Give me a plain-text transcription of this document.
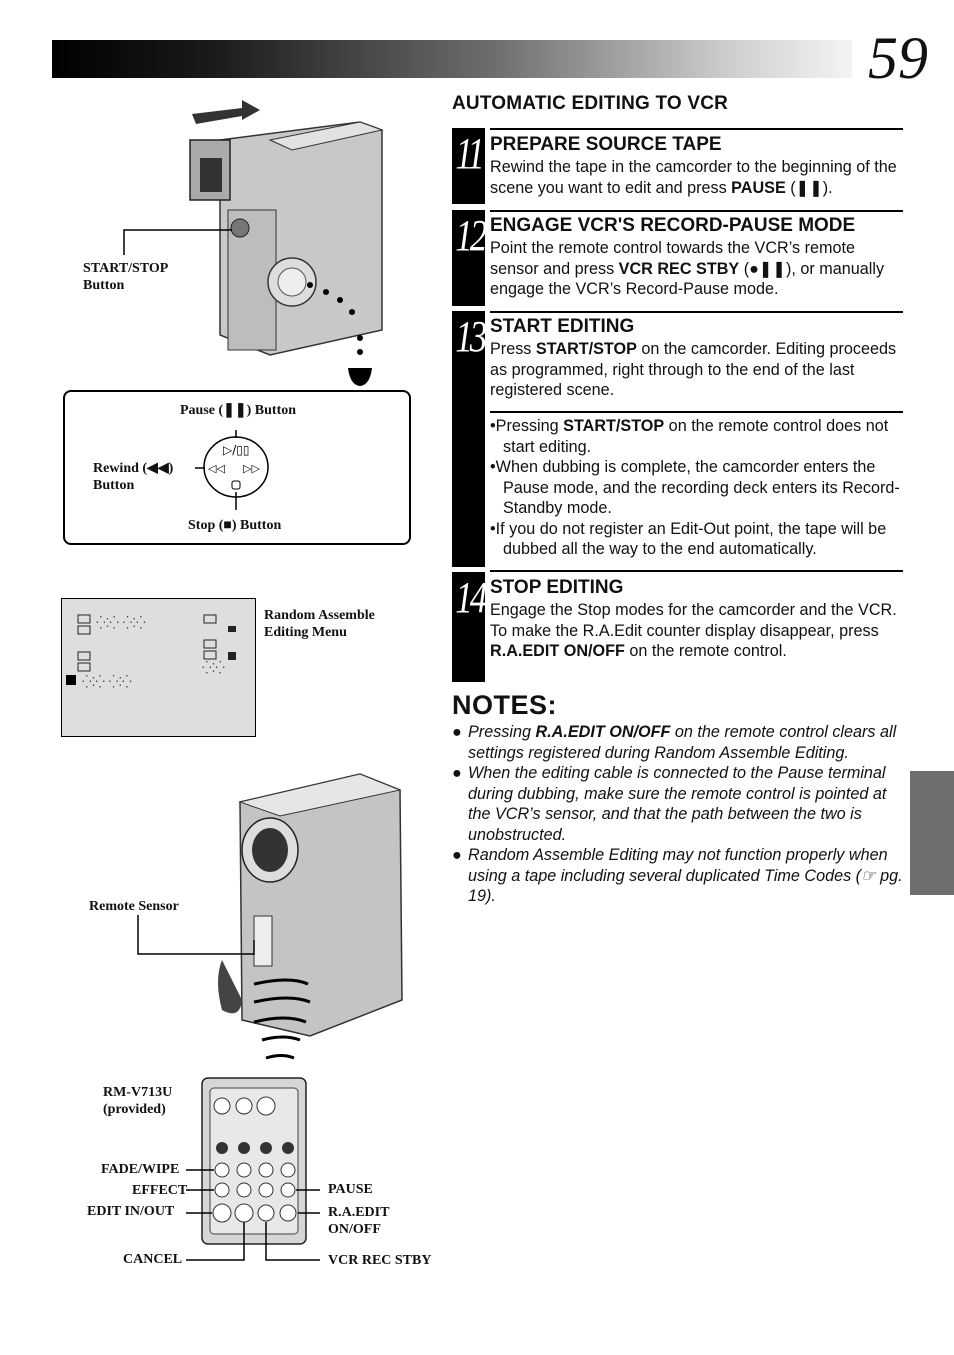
59
AUTOMATIC EDITING TO VCR
11 PREPARE SOURCE TAPE
Rewind the tape in the camcorder to the beginning of the scene you want to edit and press PAUSE (❚❚).
12 ENGAGE VCR'S RECORD-PAUSE MODE
Point the remote control towards the VCR’s remote sensor and press VCR REC STBY (●❚❚), or manually engage the VCR’s Record-Pause mode.
13 START EDITING
Press START/STOP on the camcorder. Editing proceeds as programmed, right through to the end of the last registered scene.
•Pressing START/STOP on the remote control does not start editing.
•When dubbing is complete, the camcorder enters the Pause mode, and the recording deck enters its Record-Standby mode.
•If you do not register an Edit-Out point, the tape will be dubbed all the way to the end automatically.
14 STOP EDITING
Engage the Stop modes for the camcorder and the VCR.
To make the R.A.Edit counter display disappear, press R.A.EDIT ON/OFF on the remote control.
NOTES:
● Pressing R.A.EDIT ON/OFF on the remote control clears all settings registered during Random Assemble Editing.
● When the editing cable is connected to the Pause terminal during dubbing, make sure the remote control is pointed at the VCR’s sensor, and that the path between the two is unobstructed.
● Random Assemble Editing may not function properly when using a tape including several duplicated Time Codes (☞ pg. 19).
START/STOP
Button
▷/▯▯
◁◁ ▷▷
Pause (❚❚) Button
Rewind (◀◀)
Button
Stop (■) Button
⁛⁚⁛ ⁛⁚⁛
⁛⁚⁛ ⁛⁚⁛
⁛⁚⁛
Random Assemble
Editing Menu
Remote Sensor
RM-V713U
(provided)
FADE/WIPE
EFFECT
EDIT IN/OUT
CANCEL
PAUSE
R.A.EDIT
ON/OFF
VCR REC STBY
